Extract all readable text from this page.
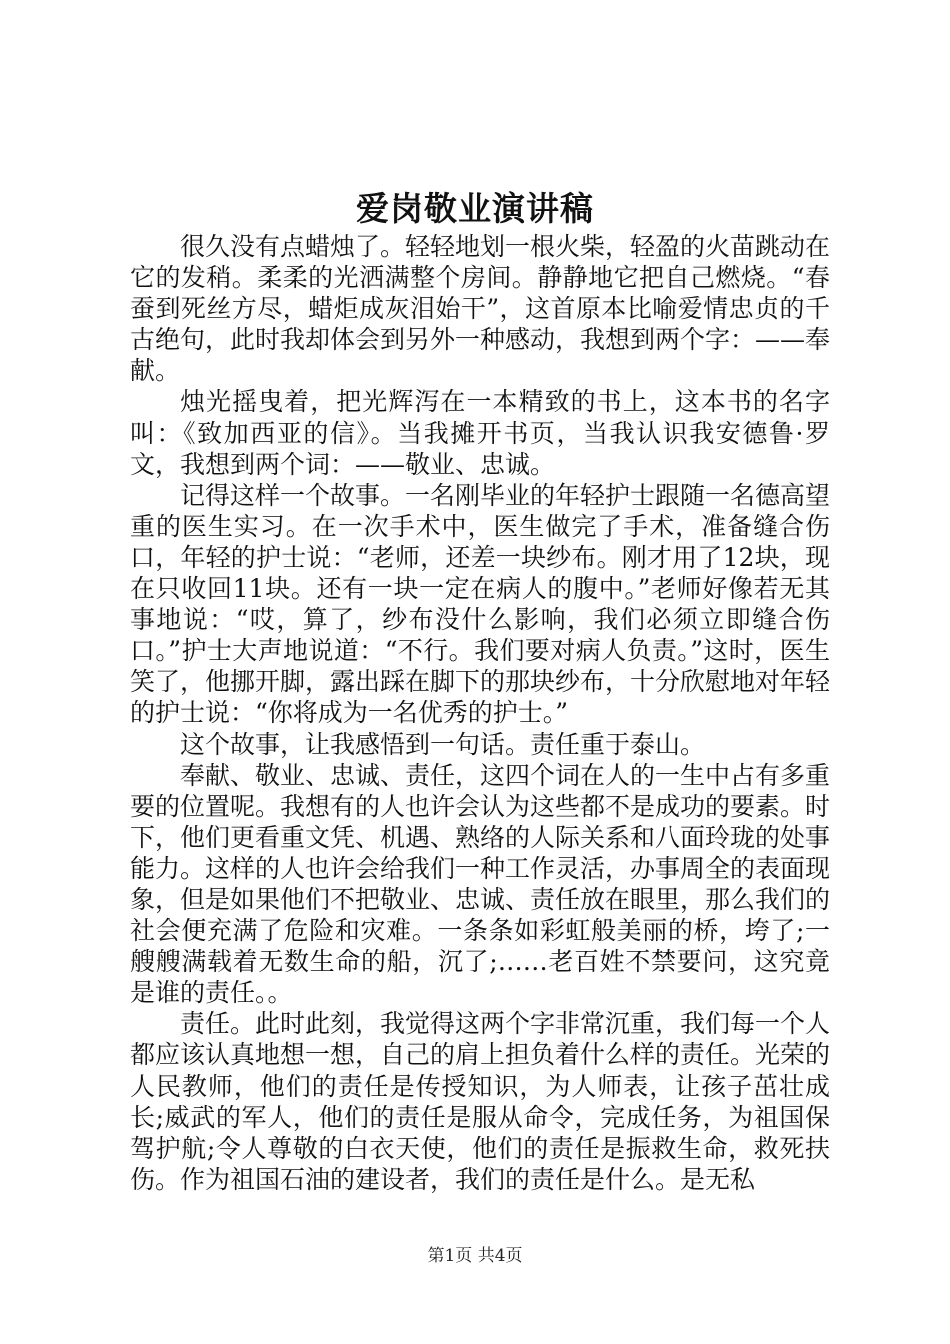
爱岗敬业演讲稿

很久没有点蜡烛了。轻轻地划一根火柴，轻盈的火苗跳动在它的发稍。柔柔的光洒满整个房间。静静地它把自己燃烧。“春蚕到死丝方尽，蜡炬成灰泪始干”，这首原本比喻爱情忠贞的千古绝句，此时我却体会到另外一种感动，我想到两个字：——奉献。

烛光摇曳着，把光辉泻在一本精致的书上，这本书的名字叫：《致加西亚的信》。当我摊开书页，当我认识我安德鲁·罗文，我想到两个词：——敬业、忠诚。

记得这样一个故事。一名刚毕业的年轻护士跟随一名德高望重的医生实习。在一次手术中，医生做完了手术，准备缝合伤口，年轻的护士说：“老师，还差一块纱布。刚才用了12块，现在只收回11块。还有一块一定在病人的腹中。”老师好像若无其事地说：“哎，算了，纱布没什么影响，我们必须立即缝合伤口。”护士大声地说道：“不行。我们要对病人负责。”这时，医生笑了，他挪开脚，露出踩在脚下的那块纱布，十分欣慰地对年轻的护士说：“你将成为一名优秀的护士。”

这个故事，让我感悟到一句话。责任重于泰山。

奉献、敬业、忠诚、责任，这四个词在人的一生中占有多重要的位置呢。我想有的人也许会认为这些都不是成功的要素。时下，他们更看重文凭、机遇、熟络的人际关系和八面玲珑的处事能力。这样的人也许会给我们一种工作灵活，办事周全的表面现象，但是如果他们不把敬业、忠诚、责任放在眼里，那么我们的社会便充满了危险和灾难。一条条如彩虹般美丽的桥，垮了;一艘艘满载着无数生命的船，沉了;……老百姓不禁要问，这究竟是谁的责任。。

责任。此时此刻，我觉得这两个字非常沉重，我们每一个人都应该认真地想一想，自己的肩上担负着什么样的责任。光荣的人民教师，他们的责任是传授知识，为人师表，让孩子茁壮成长;威武的军人，他们的责任是服从命令，完成任务，为祖国保驾护航;令人尊敬的白衣天使，他们的责任是振救生命，救死扶伤。作为祖国石油的建设者，我们的责任是什么。是无私

第1页 共4页
